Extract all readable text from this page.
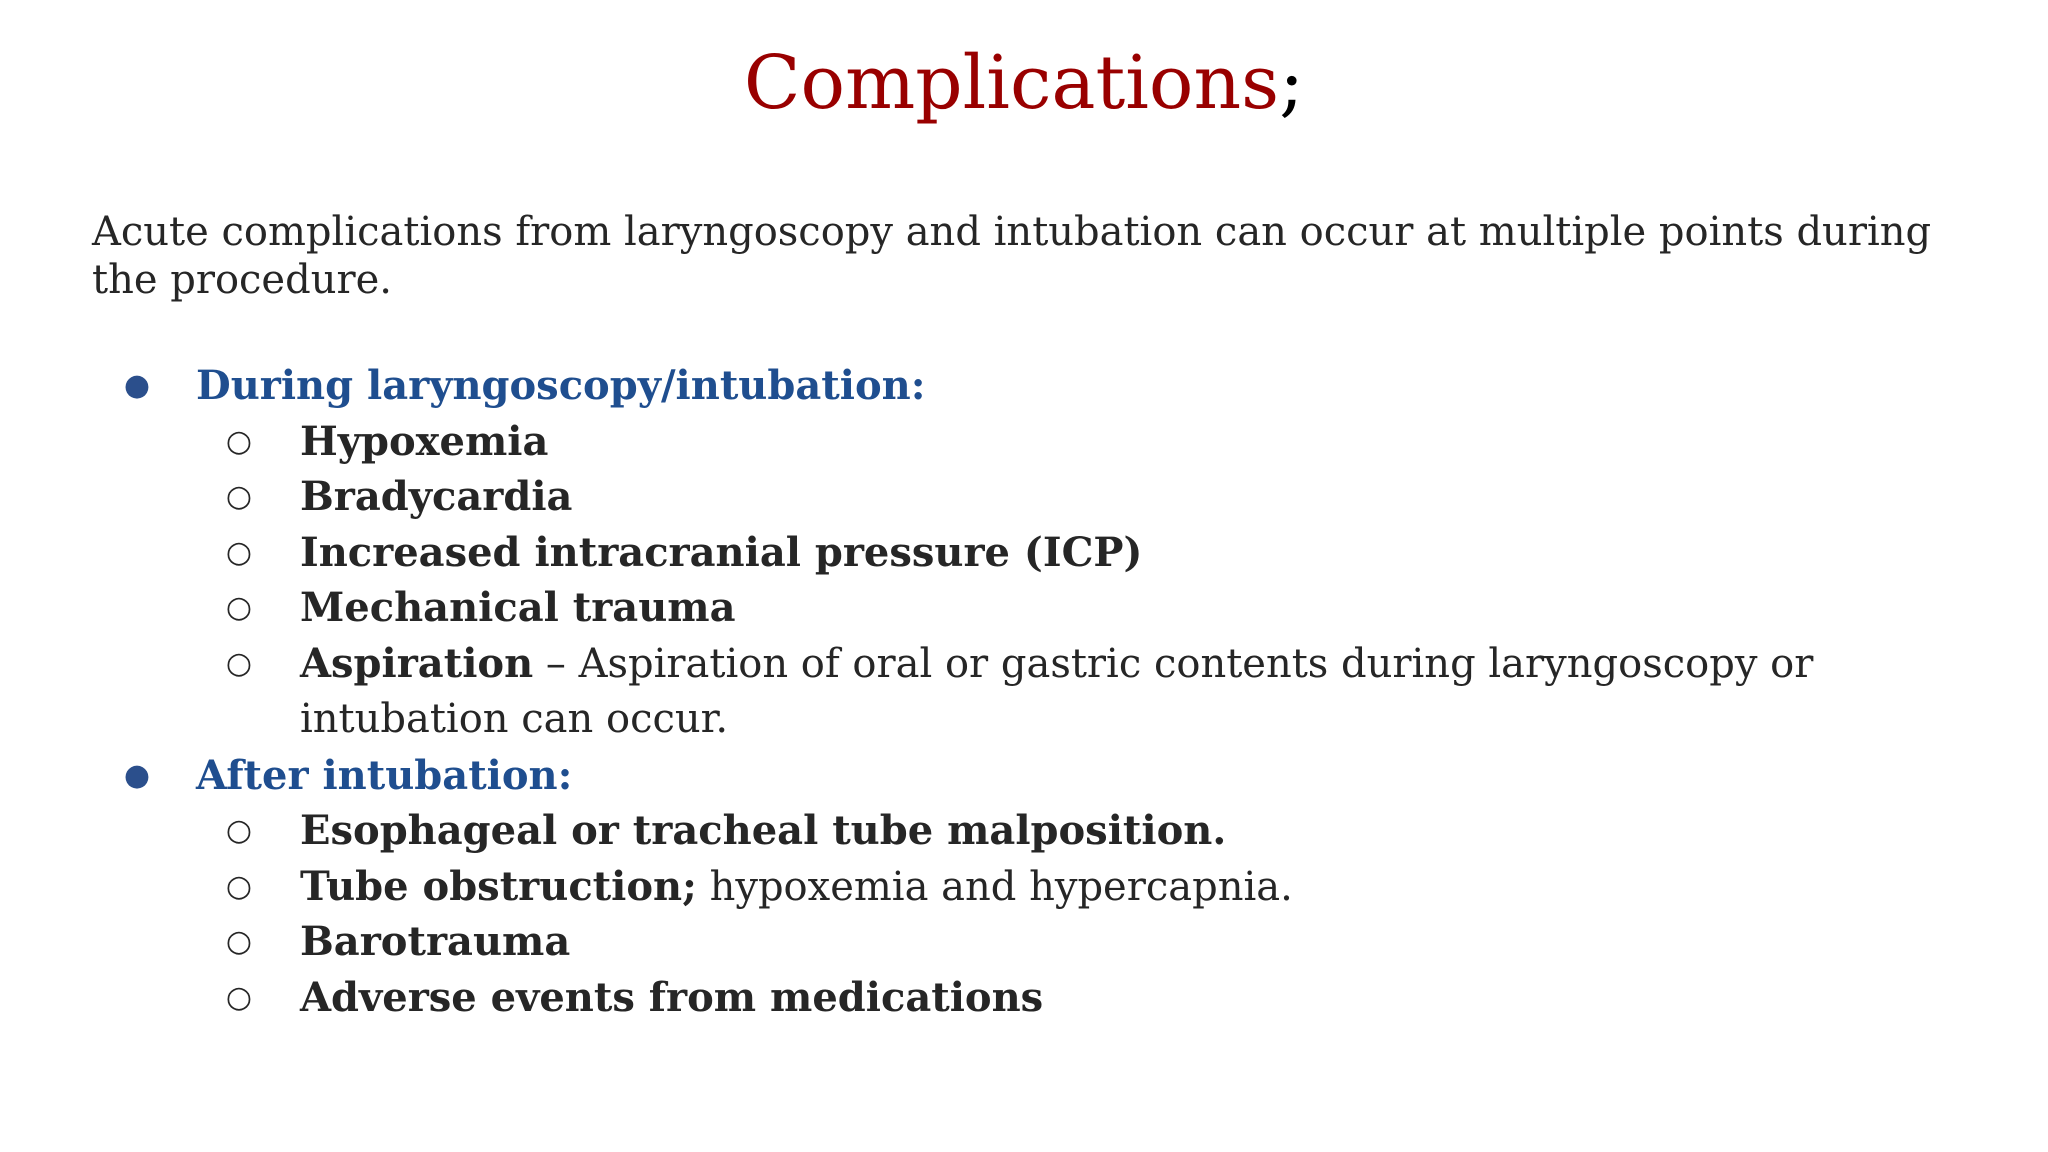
Complications;
Acute complications from laryngoscopy and intubation can occur at multiple points during the procedure.
● During laryngoscopy/intubation:
○ Hypoxemia
○ Bradycardia
○ Increased intracranial pressure (ICP)
○ Mechanical trauma
○ Aspiration – Aspiration of oral or gastric contents during laryngoscopy or intubation can occur.
● After intubation:
○ Esophageal or tracheal tube malposition.
○ Tube obstruction; hypoxemia and hypercapnia.
○ Barotrauma
○ Adverse events from medications
